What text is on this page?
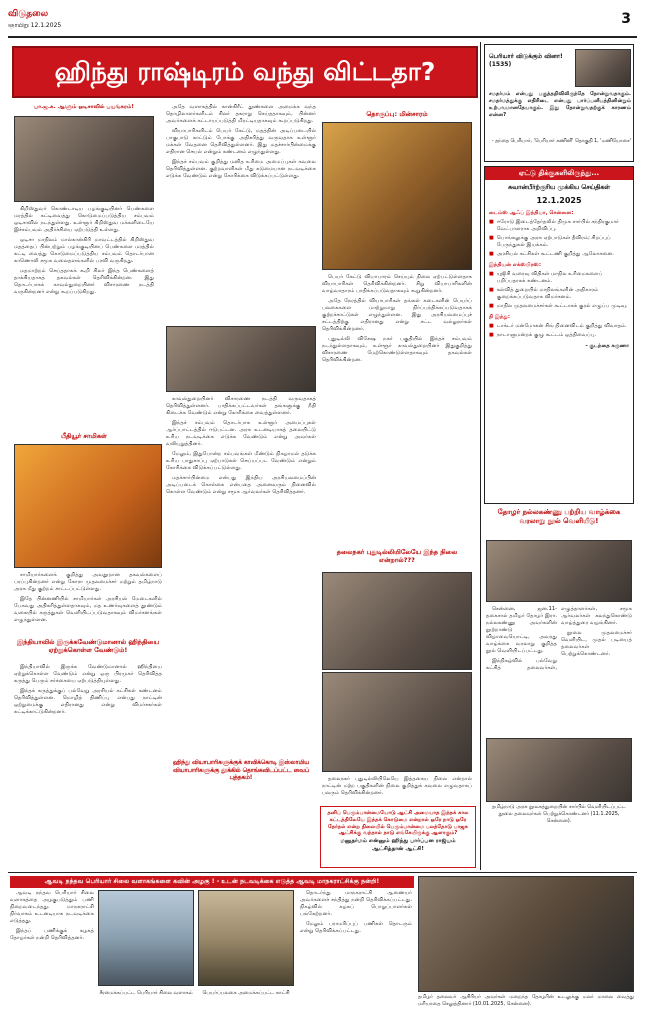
விடுதலை
ஞாயிறு 12.1.2025	3
ஹிந்து ராஷ்டிரம் வந்து விட்டதா?
பெரியார் விடுக்கும் வினா! (1535)
சமதர்மம் என்பது பகுத்தறிவிலிருந்தே தோன்றுவதாகும். சமதர்மத்துக்கு எதிரிடை என்பது பார்ப்பனீயத்தினின்றும் உற்பவமானதேயாகும். இது தோன்றுவதற்குக் காரணம் என்ன?
- தந்தை பெரியார், 'பெரியார் கணினி' தொகுதி 1, 'மணியோசை'
ஏட்டு திக்குகளிலிருந்து...
சுவான்பீர்ற்குரிய முக்கிய செய்திகள்
12.1.2025
டைம்ஸ் ஆஃப் இந்தியா, சென்னை:
■ ஈரோடு இடைத்தேர்தலில் திமுக சார்பில் சந்திரகுமார் வேட்பாளராக அறிவிப்பு.
■ பொங்கலுக்கு அரசு ஏற்பாடுகள் தீவிரம்; சிறப்புப் பேருந்துகள் இயக்கம்.
■ அரசியல் கட்சிகள் கூட்டணி குறித்து ஆலோசனை.
இந்தியன் எக்ஸ்பிரஸ்:
■ யுஜிசி வரைவு விதிகள் மாநில உரிமைகளைப் பறிப்பதாகக் கண்டனம்.
■ கல்வித் துறையில் மாநிலங்களின் அதிகாரம் குறைக்கப்படுவதாக விமர்சனம்.
■ மாநில முதலமைச்சர்கள் கூட்டாகக் குரல் எழுப்ப முடிவு.
தி இந்து:
■ டாக்டர் மன்மோகன் சிங் நினைவிடம் குறித்து விவாதம்.
■ நாடாளுமன்றக் குழு கூட்டம் ஒத்திவைப்பு.
- குடந்தை கருணா
தோழர் நல்லகண்ணு பற்றிய வாழ்க்கை வரலாறு நூல் வெளியீடு!

சென்னை, ஜன.11- தகைசால் தமிழர் தோழர் இரா. நல்லகண்ணு அவர்களின் நூற்றாண்டு விழாவையொட்டி, அவரது வாழ்க்கை வரலாறு குறித்த நூல் வெளியிடப்பட்டது.

இந்நிகழ்வில் பல்வேறு கட்சித் தலைவர்கள், எழுத்தாளர்கள், சமூக ஆர்வலர்கள் கலந்துகொண்டு வாழ்த்துரை வழங்கினர்.

நூலை முதலமைச்சர் வெளியிட, முதல் படியைத் தலைவர்கள் பெற்றுக்கொண்டனர்.

தமிழ்நாடு அரசு நூலகத்துறையின் சார்பில் வெளியிடப்பட்ட நூலை தலைவர்கள் பெற்றுக்கொண்டனர் (11.1.2025, சென்னை).
பா.ஜ.க. ஆளும் ஒடிசாவில் பயங்கரம்!

கிறிஸ்துவர் கொண்டாடிய பழங்குடியினர் பெண்களை மரத்தில் கட்டிவைத்து கொடுமைப்படுத்திய சம்பவம் ஒடிசாவில் நடந்துள்ளது. உள்ளூர் கிறிஸ்துவ மக்களிடையே இச்சம்பவம் அதிர்ச்சியை ஏற்படுத்தி உள்ளது.

ஒடிசா மாநிலம் மால்கான்கிரி மாவட்டத்தில் கிறிஸ்துவ மதத்தைப் பின்பற்றும் பழங்குடியினப் பெண்களை மரத்தில் கட்டி வைத்து கொடுமைப்படுத்திய சம்பவம் தொடர்பான காணொலி சமூக வலைதளங்களில் பரவி வருகிறது.

மதமாற்றம் செய்ததாகக் கூறி சிலர் இந்த பெண்களைத் தாக்கியதாகத் தகவல்கள் தெரிவிக்கின்றன. இது தொடர்பாகக் காவல்துறையினர் விசாரணை நடத்தி வருகின்றனர் என்று கூறப்படுகிறது.

பீதியூர் சாமிகள்

சாமியார்களைக் குறித்து அவதூறான தகவல்களைப் பரப்புகின்றனர் என்று கோரா முதலமைச்சர் மற்றும் தமிழ்நாடு அரசு மீது குற்றம் சாட்டப்பட்டுள்ளது.

இதே பின்னணியில் சாமியார்கள் அரசியல் மேடைகளில் பேசுவது அதிகரித்துள்ளதாகவும், மத உணர்வுகளைத் தூண்டும் வகையில் கருத்துகள் வெளியிடப்படுவதாகவும் விமர்சனங்கள் எழுந்துள்ளன.

இந்தியாவில் இருக்கவேண்டுமானால் ஹிந்தியை ஏற்றுக்கொள்ள வேண்டும்!

இந்தியாவில் இருக்க வேண்டுமானால் ஹிந்தியை ஏற்றுக்கொள்ள வேண்டும் என்று ஒரு பிரமுகர் தெரிவித்த கருத்து பெரும் சர்ச்சையை ஏற்படுத்தியுள்ளது.

இந்தக் கருத்துக்குப் பல்வேறு அரசியல் கட்சிகள் கண்டனம் தெரிவித்துள்ளன. மொழித் திணிப்பு என்பது நாட்டின் ஒற்றுமைக்கு எதிரானது என்று விமர்சகர்கள் சுட்டிக்காட்டுகின்றனர்.

அதே வளாகத்தில் கான்கிரீட் தூண்களை அமைக்க வந்த தொழிலாளர்களிடம் சிலர் தகராறு செய்ததாகவும், பின்னர் அவர்களைக் கட்டாயப்படுத்தி மிரட்டியதாகவும் கூறப்படுகிறது.

வியாபாரிகளிடம் பெயர் கேட்டு, மதத்தின் அடிப்படையில் பாகுபாடு காட்டும் போக்கு அதிகரித்து வருவதாக உள்ளூர் மக்கள் வேதனை தெரிவித்துள்ளனர். இது மதச்சார்பின்மைக்கு எதிரான செயல் என்றும் கண்டனம் எழுந்துள்ளது.

இந்தச் சம்பவம் குறித்து மனித உரிமை அமைப்புகள் கவலை தெரிவித்துள்ளன. குற்றவாளிகள் மீது கடுமையான நடவடிக்கை எடுக்க வேண்டும் என்று கோரிக்கை விடுக்கப்பட்டுள்ளது.

காவல்துறையினர் விசாரணை நடத்தி வருவதாகத் தெரிவித்துள்ளனர். பாதிக்கப்பட்டவர்கள் தங்களுக்கு நீதி கிடைக்க வேண்டும் என்று கோரிக்கை வைத்துள்ளனர்.

இந்தச் சம்பவம் தொடர்பாக உள்ளூர் அமைப்புகள் ஆர்ப்பாட்டத்தில் ஈடுபட்டன. அரசு உடனடியாகத் தலையிட்டு உரிய நடவடிக்கை எடுக்க வேண்டும் என்று அவர்கள் வலியுறுத்தினர்.

மேலும், இதுபோன்ற சம்பவங்கள் மீண்டும் நிகழாமல் தடுக்க உரிய பாதுகாப்பு ஏற்பாடுகள் செய்யப்பட வேண்டும் என்றும் கோரிக்கை விடுக்கப்பட்டுள்ளது.

மதச்சார்பின்மை என்பது இந்திய அரசியலமைப்பின் அடிப்படைக் கொள்கை என்பதை அனைவரும் நினைவில் கொள்ள வேண்டும் என்று சமூக ஆர்வலர்கள் தெரிவித்தனர்.

ஹிந்து வியாபாரிகளுக்குக் காவிக்கொடி இஸ்லாமிய வியாபாரிகளுக்கு தூக்கில் தொங்கவிடப்பட்ட வைப் புத்தகம்!
தொகுப்பு: மின்சாரம்

பெயர் கேட்டு வியாபாரம் செய்யும் நிலை ஏற்பட்டுள்ளதாக வியாபாரிகள் தெரிவிக்கின்றனர். சிறு வியாபாரிகளின் வாழ்வாதாரம் பாதிக்கப்படுவதாகவும் கூறுகின்றனர்.

அதே நேரத்தில் வியாபாரிகள் தங்கள் கடைகளின் பெயர்ப் பலகைகளை மாற்றுமாறு நிர்ப்பந்திக்கப்படுவதாகக் குற்றச்சாட்டுகள் எழுந்துள்ளன. இது அரசியலமைப்புச் சட்டத்திற்கு எதிரானது என்று சட்ட வல்லுநர்கள் தெரிவிக்கின்றனர்.

புதுடில்லி விசேஷ நகர் பகுதியில் இந்தச் சம்பவம் நடந்துள்ளதாகவும், உள்ளூர் காவல்துறையினர் இதுகுறித்து விசாரணை மேற்கொண்டுள்ளதாகவும் தகவல்கள் தெரிவிக்கின்றன.

தலைநகர் புதுடில்லியிலேயே இந்த நிலை என்றால்???

தலைநகர் புதுடில்லியிலேயே இத்தகைய நிலை என்றால் நாட்டின் மற்ற பகுதிகளின் நிலை குறித்துக் கவலை எழுவதாகப் பலரும் தெரிவிக்கின்றனர்.

தனிப் பெரும்பான்மையோடு ஆட்சி அமையாத இந்தக் கால கட்டத்திலேயே இந்தக் கொடுமை என்றால் ஒரே நாடு ஒரே தேர்தல் என்ற நிலையில் பெரும்பான்மை பலத்தோடு பாஜக ஆட்சிக்கு வந்தால் நாடு எங்கேயிருக்கு ஆளாகும்?
மனுதர்மம் என்னும் ஹிந்து பார்ப்பன ராஜ்யம் ஆட்சித்தான் ஆட்சி!
ஆவடி நந்தவ பெரியார் சிலை வளாகங்களை கவின் அழகு ! - உடன் நடவடிக்கை எடுத்த ஆவடி மாநகராட்சிக்கு நன்றி!

ஆவடி நந்தவ பெரியார் சிலை வளாகத்தை அழகுபடுத்தும் பணி நிறைவடைந்தது. மாநகராட்சி நிர்வாகம் உடனடியாக நடவடிக்கை எடுத்தது.

இந்தப் பணிக்குக் கழகத் தோழர்கள் நன்றி தெரிவித்தனர்.

சீரமைக்கப்பட்ட பெரியார் சிலை வளாகம்	பெயர்ப்பலகை அமைக்கப்பட்ட காட்சி

தொடர்ந்து மாநகராட்சி ஆணையர் அவர்களைச் சந்தித்து நன்றி தெரிவிக்கப்பட்டது. நிகழ்வில் கழகப் பொறுப்பாளர்கள் பங்கேற்றனர்.

மேலும் பராமரிப்புப் பணிகள் தொடரும் என்று தெரிவிக்கப்பட்டது.

தமிழர் தலைவர் ஆசிரியர் அவர்கள் மறைந்த தோழரின் உடலுக்கு மலர் மாலை வைத்து மரியாதை செலுத்தினார் (10.01.2025, சென்னை).
